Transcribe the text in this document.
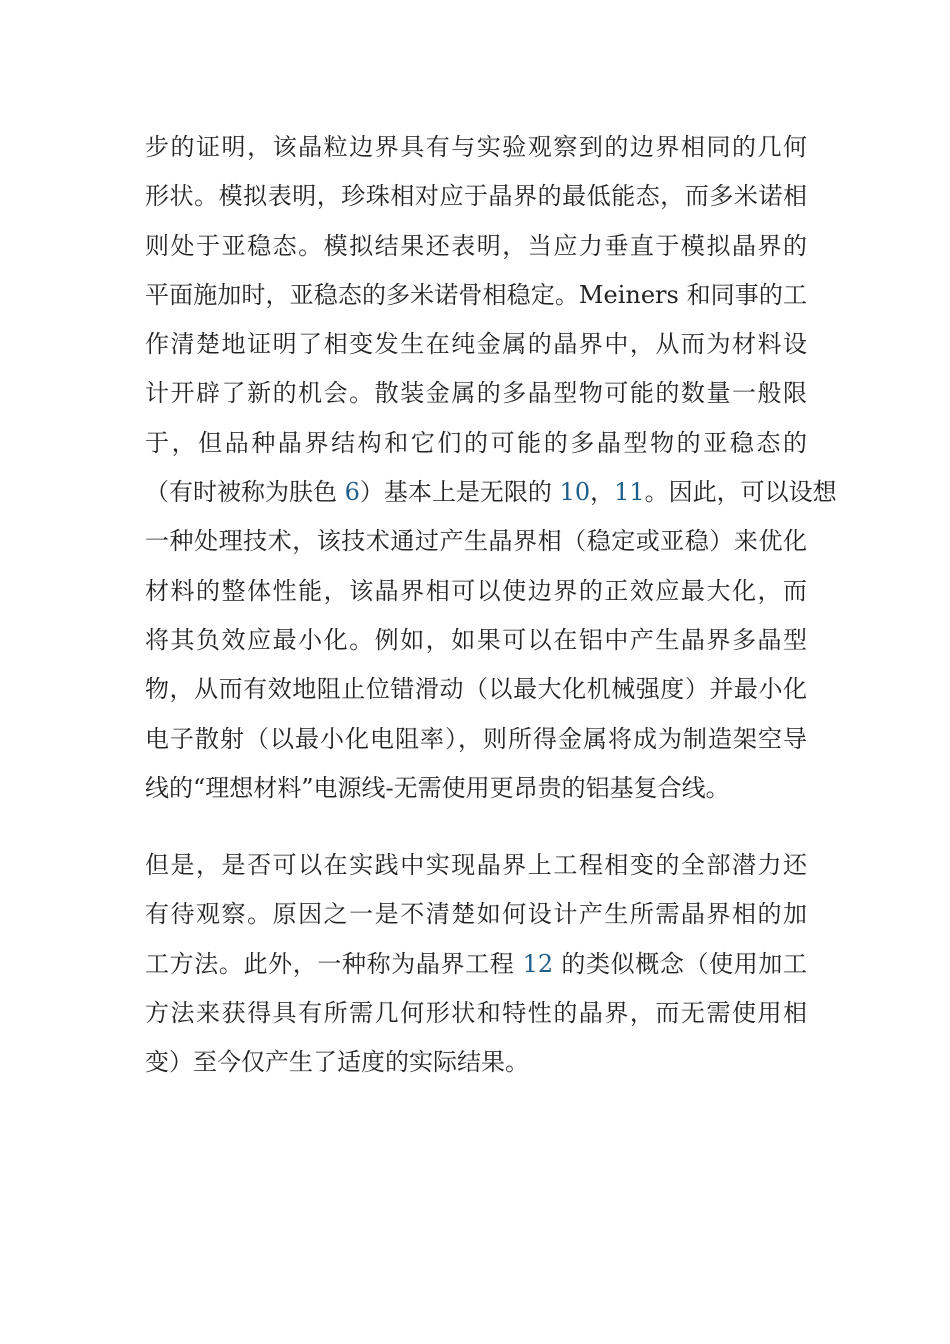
步的证明，该晶粒边界具有与实验观察到的边界相同的几何
形状。模拟表明，珍珠相对应于晶界的最低能态，而多米诺相
则处于亚稳态。模拟结果还表明，当应力垂直于模拟晶界的
平面施加时，亚稳态的多米诺骨相稳定。Meiners 和同事的工
作清楚地证明了相变发生在纯金属的晶界中，从而为材料设
计开辟了新的机会。散装金属的多晶型物可能的数量一般限
于，但品种晶界结构和它们的可能的多晶型物的亚稳态的
（有时被称为肤色 6）基本上是无限的 10，11。因此，可以设想
一种处理技术，该技术通过产生晶界相（稳定或亚稳）来优化
材料的整体性能，该晶界相可以使边界的正效应最大化，而
将其负效应最小化。例如，如果可以在铝中产生晶界多晶型
物，从而有效地阻止位错滑动（以最大化机械强度）并最小化
电子散射（以最小化电阻率），则所得金属将成为制造架空导
线的“理想材料”电源线-无需使用更昂贵的铝基复合线。
但是，是否可以在实践中实现晶界上工程相变的全部潜力还
有待观察。原因之一是不清楚如何设计产生所需晶界相的加
工方法。此外，一种称为晶界工程 12 的类似概念（使用加工
方法来获得具有所需几何形状和特性的晶界，而无需使用相
变）至今仅产生了适度的实际结果。
